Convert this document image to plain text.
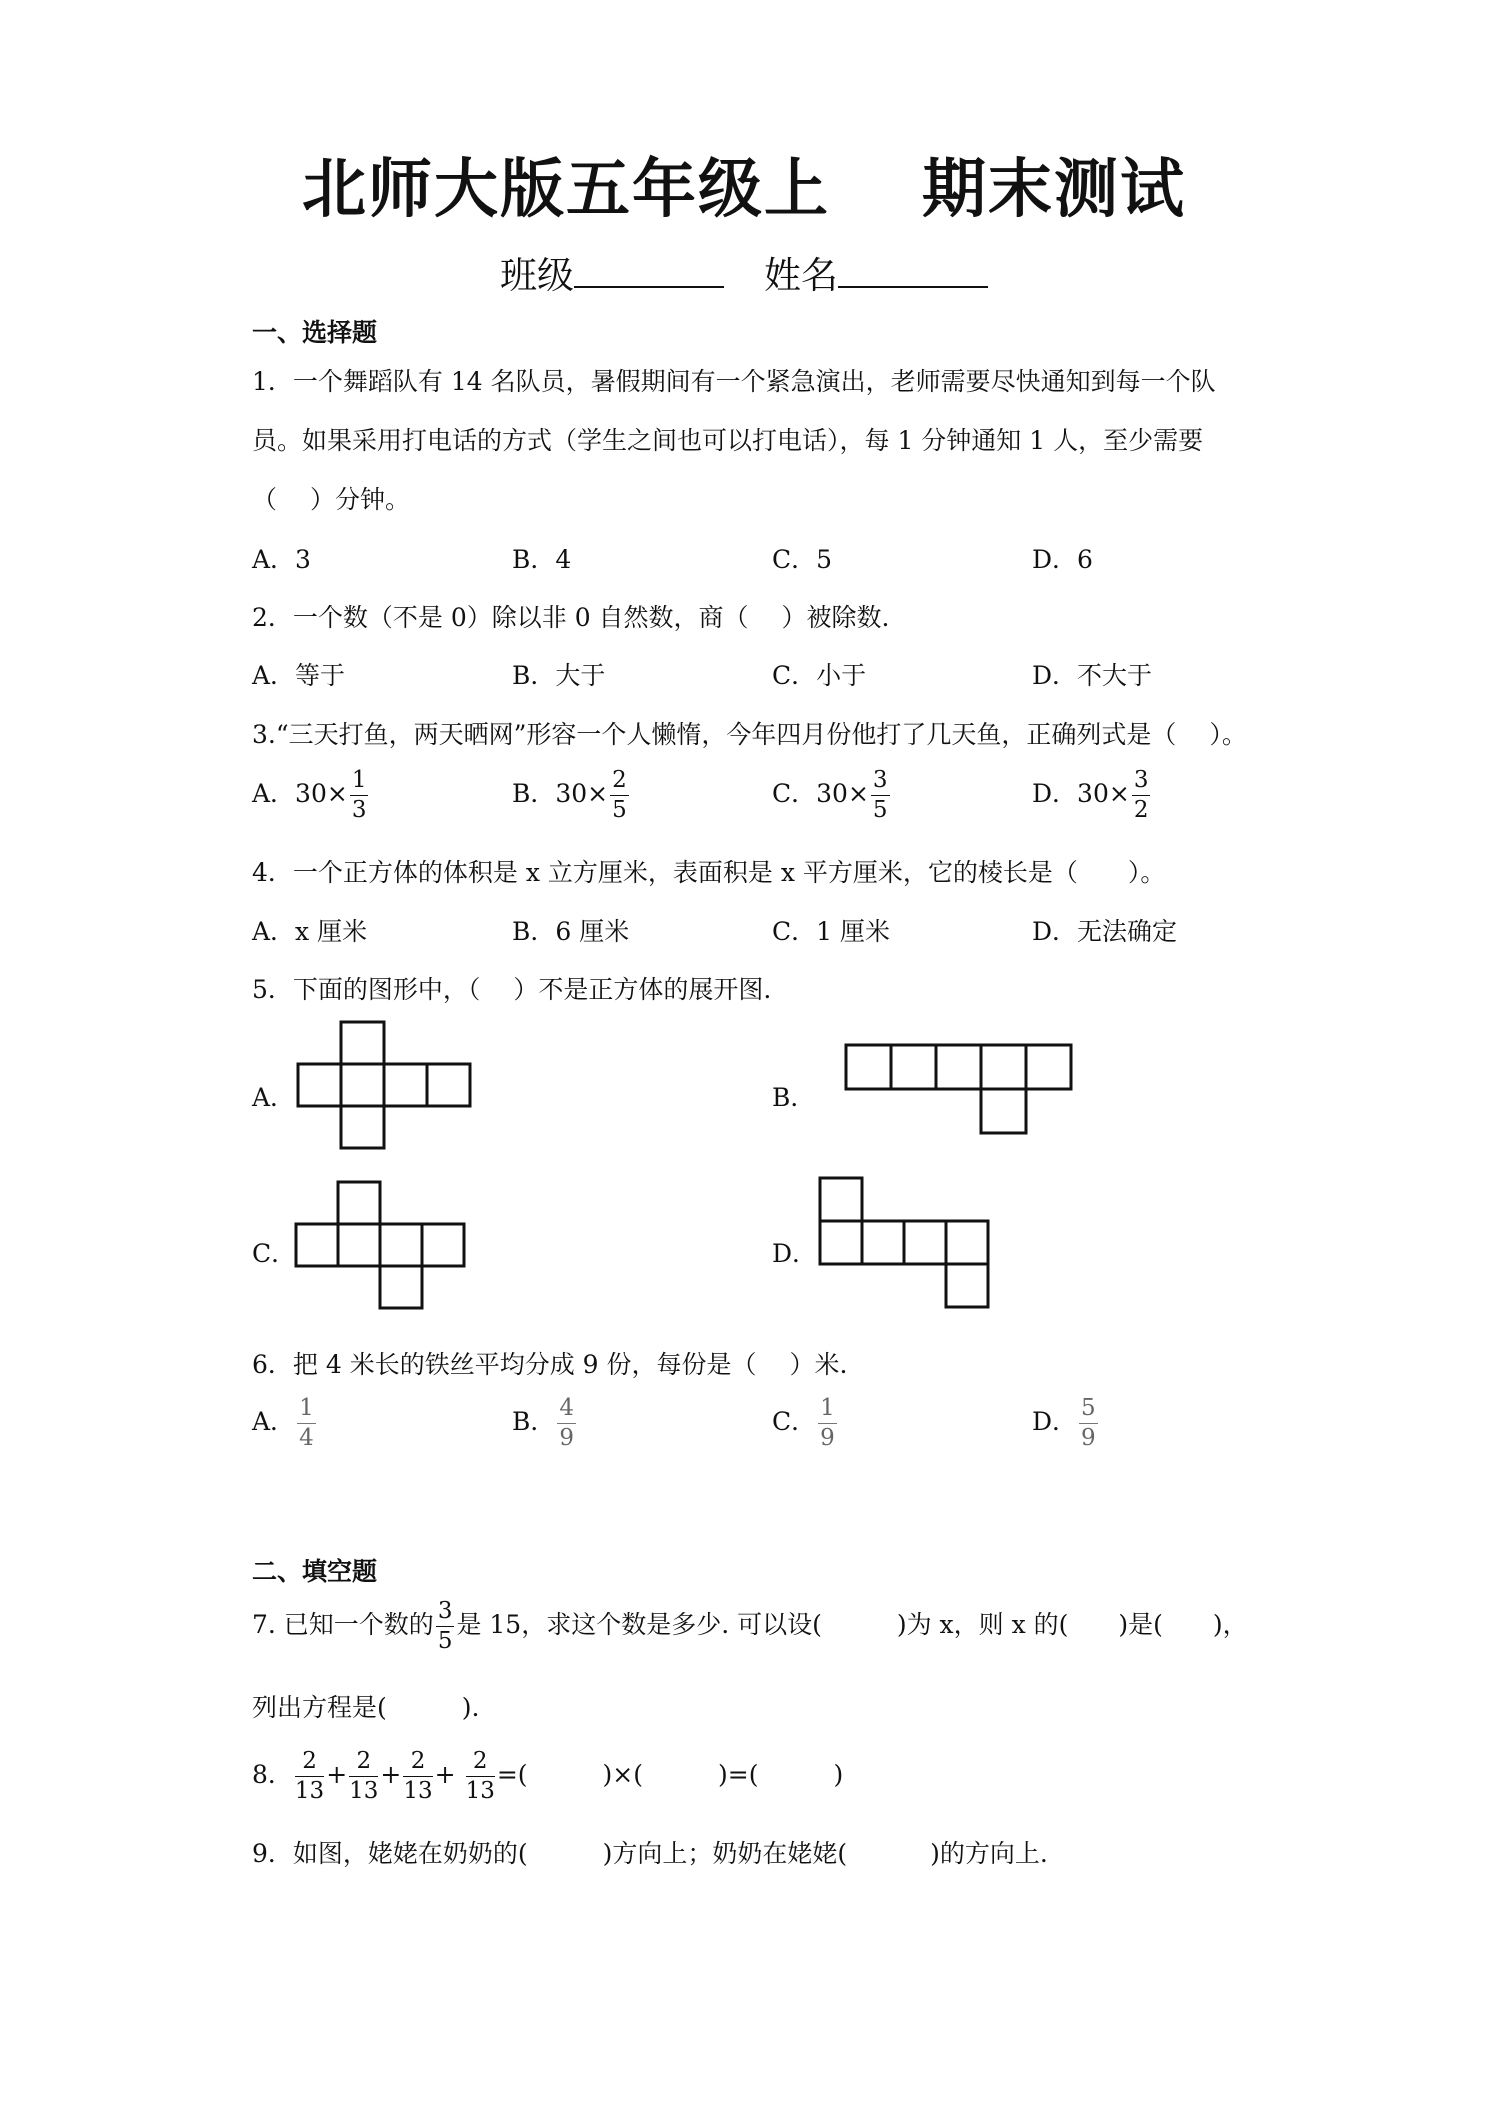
北师大版五年级上 期末测试
班级	姓名
一、选择题
1．一个舞蹈队有 14 名队员，暑假期间有一个紧急演出，老师需要尽快通知到每一个队
员。如果采用打电话的方式（学生之间也可以打电话），每 1 分钟通知 1 人，至少需要
（　 ）分钟。
A．3	B．4	C．5	D．6
2．一个数（不是 0）除以非 0 自然数，商（　 ）被除数.
A．等于	B．大于	C．小于	D．不大于
3.“三天打鱼，两天晒网”形容一个人懒惰，今年四月份他打了几天鱼，正确列式是（　 ）。
A．$30\times \frac{1}{3}$	B．$30\times \frac{2}{5}$	C．$30\times \frac{3}{5}$	D．$30\times \frac{3}{2}$
4．一个正方体的体积是 x 立方厘米，表面积是 x 平方厘米，它的棱长是（　　）。
A．x 厘米	B．6 厘米	C．1 厘米	D．无法确定
5．下面的图形中，（　 ）不是正方体的展开图.
A．	B．
C．	D．
6．把 4 米长的铁丝平均分成 9 份，每份是（　 ）米.
A． $\frac{1}{4}$	B． $\frac{4}{9}$	C． $\frac{1}{9}$	D． $\frac{5}{9}$
二、填空题
7. 已知一个数的 $\frac{3}{5}$ 是 15，求这个数是多少. 可以设(　　　)为 x，则 x 的(　　)是(　　)，
列出方程是(　　　).
8． $\frac{2}{13} + \frac{2}{13} + \frac{2}{13} + \frac{2}{13}$ =(　　　)×(　　　)=(　　　)
9．如图，姥姥在奶奶的(　　　)方向上；奶奶在姥姥(　　　 )的方向上.
